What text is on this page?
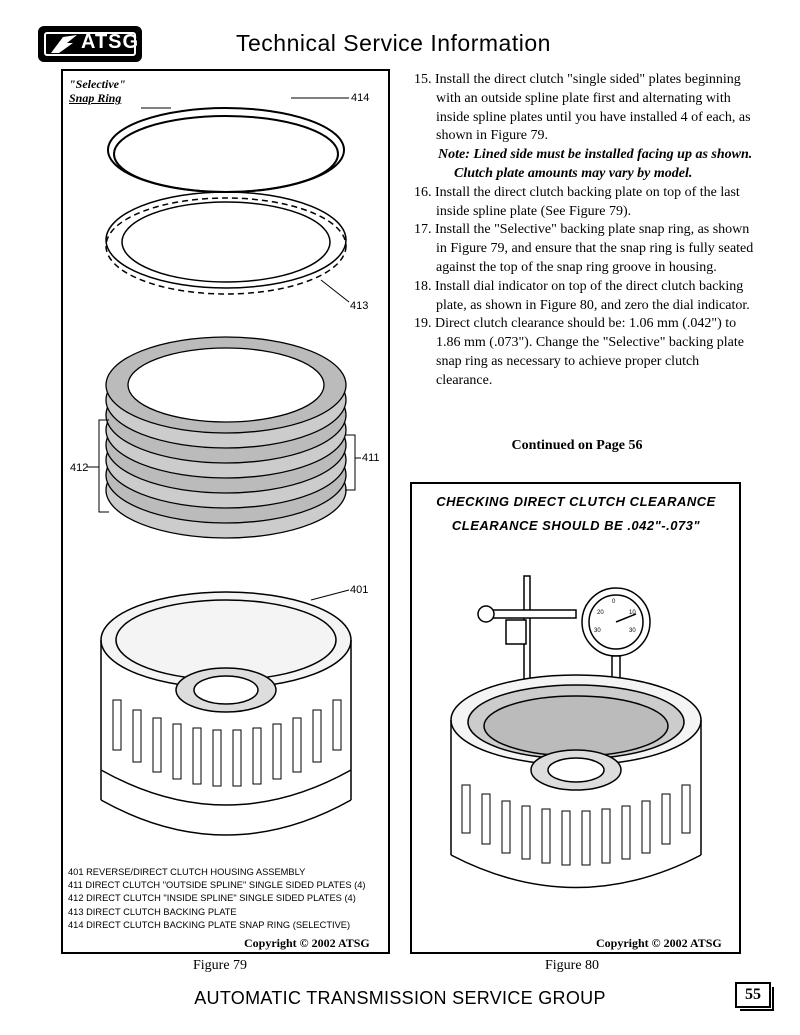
ATSG	Technical Service Information
"Selective"
Snap Ring	414
413
411
412
401
401 REVERSE/DIRECT CLUTCH HOUSING ASSEMBLY
411 DIRECT CLUTCH "OUTSIDE SPLINE" SINGLE SIDED PLATES (4)
412 DIRECT CLUTCH "INSIDE SPLINE" SINGLE SIDED PLATES (4)
413 DIRECT CLUTCH BACKING PLATE
414 DIRECT CLUTCH BACKING PLATE SNAP RING (SELECTIVE)
Copyright © 2002 ATSG
Figure 79
15. Install the direct clutch "single sided" plates beginning with an outside spline plate first and alternating with inside spline plates until you have installed 4 of each, as shown in Figure 79.
Note: Lined side must be installed facing up as shown. Clutch plate amounts may vary by model.
16. Install the direct clutch backing plate on top of the last inside spline plate (See Figure 79).
17. Install the "Selective" backing plate snap ring, as shown in Figure 79, and ensure that the snap ring is fully seated against the top of the snap ring groove in housing.
18. Install dial indicator on top of the direct clutch backing plate, as shown in Figure 80, and zero the dial indicator.
19. Direct clutch clearance should be: 1.06 mm (.042") to 1.86 mm (.073"). Change the "Selective" backing plate snap ring as necessary to achieve proper clutch clearance.
Continued on Page 56
CHECKING DIRECT CLUTCH CLEARANCE
CLEARANCE SHOULD BE .042"-.073"
0
20	10
30	30
Copyright © 2002 ATSG
Figure 80
AUTOMATIC TRANSMISSION SERVICE GROUP	55
